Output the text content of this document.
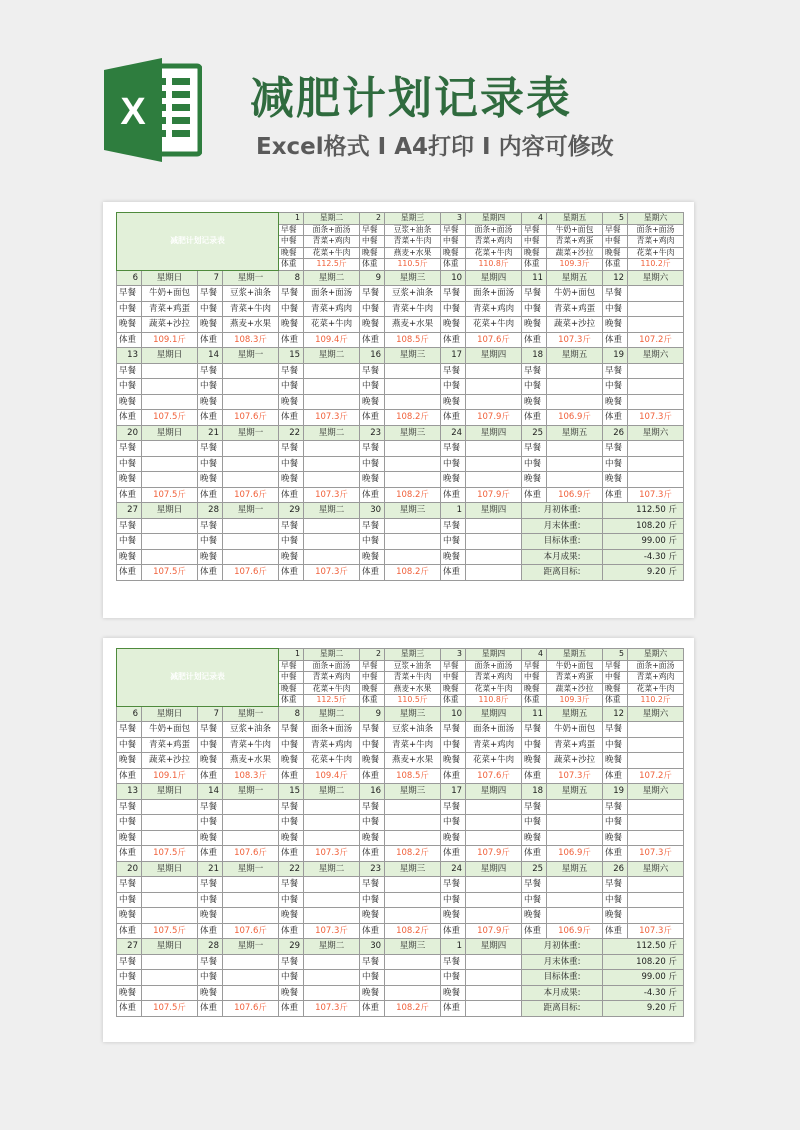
X 减肥计划记录表
Excel格式 I A4打印 I 内容可修改
减肥计划记录表				1	星期二	2	星期三	3	星期四	4	星期五	5	星期六
				早餐	面条+面汤	早餐	豆浆+油条	早餐	面条+面汤	早餐	牛奶+面包	早餐	面条+面汤
				中餐	青菜+鸡肉	中餐	青菜+牛肉	中餐	青菜+鸡肉	中餐	青菜+鸡蛋	中餐	青菜+鸡肉
				晚餐	花菜+牛肉	晚餐	燕麦+水果	晚餐	花菜+牛肉	晚餐	蔬菜+沙拉	晚餐	花菜+牛肉
				体重	112.5斤	体重	110.5斤	体重	110.8斤	体重	109.3斤	体重	110.2斤
6	星期日	7	星期一	8	星期二	9	星期三	10	星期四	11	星期五	12	星期六
早餐	牛奶+面包	早餐	豆浆+油条	早餐	面条+面汤	早餐	豆浆+油条	早餐	面条+面汤	早餐	牛奶+面包	早餐	
中餐	青菜+鸡蛋	中餐	青菜+牛肉	中餐	青菜+鸡肉	中餐	青菜+牛肉	中餐	青菜+鸡肉	中餐	青菜+鸡蛋	中餐	
晚餐	蔬菜+沙拉	晚餐	燕麦+水果	晚餐	花菜+牛肉	晚餐	燕麦+水果	晚餐	花菜+牛肉	晚餐	蔬菜+沙拉	晚餐	
体重	109.1斤	体重	108.3斤	体重	109.4斤	体重	108.5斤	体重	107.6斤	体重	107.3斤	体重	107.2斤
13	星期日	14	星期一	15	星期二	16	星期三	17	星期四	18	星期五	19	星期六
早餐		早餐		早餐		早餐		早餐		早餐		早餐	
中餐		中餐		中餐		中餐		中餐		中餐		中餐	
晚餐		晚餐		晚餐		晚餐		晚餐		晚餐		晚餐	
体重	107.5斤	体重	107.6斤	体重	107.3斤	体重	108.2斤	体重	107.9斤	体重	106.9斤	体重	107.3斤
20	星期日	21	星期一	22	星期二	23	星期三	24	星期四	25	星期五	26	星期六
早餐		早餐		早餐		早餐		早餐		早餐		早餐	
中餐		中餐		中餐		中餐		中餐		中餐		中餐	
晚餐		晚餐		晚餐		晚餐		晚餐		晚餐		晚餐	
体重	107.5斤	体重	107.6斤	体重	107.3斤	体重	108.2斤	体重	107.9斤	体重	106.9斤	体重	107.3斤
27	星期日	28	星期一	29	星期二	30	星期三	1	星期四	月初体重:		112.50 斤	
早餐		早餐		早餐		早餐		早餐		月末体重:		108.20 斤	
中餐		中餐		中餐		中餐		中餐		目标体重:		99.00 斤	
晚餐		晚餐		晚餐		晚餐		晚餐		本月成果:		-4.30 斤	
体重	107.5斤	体重	107.6斤	体重	107.3斤	体重	108.2斤	体重		距离目标:		9.20 斤	
减肥计划记录表				1	星期二	2	星期三	3	星期四	4	星期五	5	星期六
				早餐	面条+面汤	早餐	豆浆+油条	早餐	面条+面汤	早餐	牛奶+面包	早餐	面条+面汤
				中餐	青菜+鸡肉	中餐	青菜+牛肉	中餐	青菜+鸡肉	中餐	青菜+鸡蛋	中餐	青菜+鸡肉
				晚餐	花菜+牛肉	晚餐	燕麦+水果	晚餐	花菜+牛肉	晚餐	蔬菜+沙拉	晚餐	花菜+牛肉
				体重	112.5斤	体重	110.5斤	体重	110.8斤	体重	109.3斤	体重	110.2斤
6	星期日	7	星期一	8	星期二	9	星期三	10	星期四	11	星期五	12	星期六
早餐	牛奶+面包	早餐	豆浆+油条	早餐	面条+面汤	早餐	豆浆+油条	早餐	面条+面汤	早餐	牛奶+面包	早餐	
中餐	青菜+鸡蛋	中餐	青菜+牛肉	中餐	青菜+鸡肉	中餐	青菜+牛肉	中餐	青菜+鸡肉	中餐	青菜+鸡蛋	中餐	
晚餐	蔬菜+沙拉	晚餐	燕麦+水果	晚餐	花菜+牛肉	晚餐	燕麦+水果	晚餐	花菜+牛肉	晚餐	蔬菜+沙拉	晚餐	
体重	109.1斤	体重	108.3斤	体重	109.4斤	体重	108.5斤	体重	107.6斤	体重	107.3斤	体重	107.2斤
13	星期日	14	星期一	15	星期二	16	星期三	17	星期四	18	星期五	19	星期六
早餐		早餐		早餐		早餐		早餐		早餐		早餐	
中餐		中餐		中餐		中餐		中餐		中餐		中餐	
晚餐		晚餐		晚餐		晚餐		晚餐		晚餐		晚餐	
体重	107.5斤	体重	107.6斤	体重	107.3斤	体重	108.2斤	体重	107.9斤	体重	106.9斤	体重	107.3斤
20	星期日	21	星期一	22	星期二	23	星期三	24	星期四	25	星期五	26	星期六
早餐		早餐		早餐		早餐		早餐		早餐		早餐	
中餐		中餐		中餐		中餐		中餐		中餐		中餐	
晚餐		晚餐		晚餐		晚餐		晚餐		晚餐		晚餐	
体重	107.5斤	体重	107.6斤	体重	107.3斤	体重	108.2斤	体重	107.9斤	体重	106.9斤	体重	107.3斤
27	星期日	28	星期一	29	星期二	30	星期三	1	星期四	月初体重:		112.50 斤	
早餐		早餐		早餐		早餐		早餐		月末体重:		108.20 斤	
中餐		中餐		中餐		中餐		中餐		目标体重:		99.00 斤	
晚餐		晚餐		晚餐		晚餐		晚餐		本月成果:		-4.30 斤	
体重	107.5斤	体重	107.6斤	体重	107.3斤	体重	108.2斤	体重		距离目标:		9.20 斤	
